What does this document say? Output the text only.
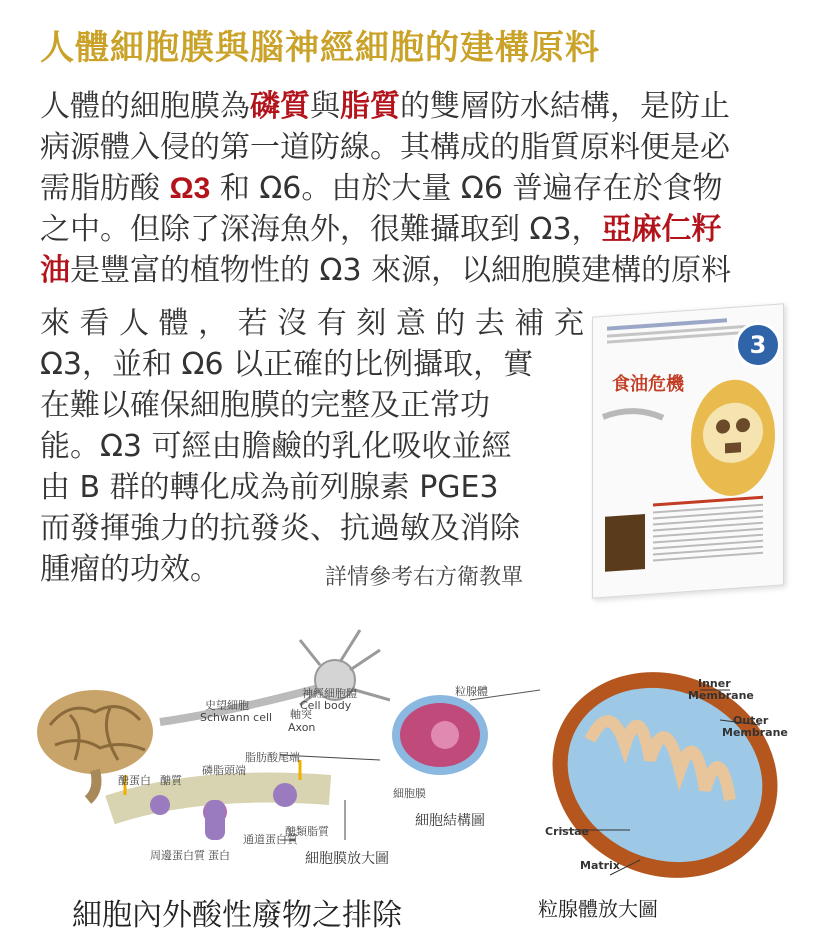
人體細胞膜與腦神經細胞的建構原料
人體的細胞膜為磷質與脂質的雙層防水結構，是防止
病源體入侵的第一道防線。其構成的脂質原料便是必
需脂肪酸 Ω3 和 Ω6。由於大量 Ω6 普遍存在於食物
之中。但除了深海魚外，很難攝取到 Ω3，亞麻仁籽
油是豐富的植物性的 Ω3 來源，以細胞膜建構的原料
來 看 人 體 ， 若 沒 有 刻 意 的 去 補 充
Ω3，並和 Ω6 以正確的比例攝取，實
在難以確保細胞膜的完整及正常功
能。Ω3 可經由膽鹼的乳化吸收並經
由 B 群的轉化成為前列腺素 PGE3
而發揮強力的抗發炎、抗過敏及消除
腫瘤的功效。	詳情參考右方衛教單
3
食油危機
史望細胞
Schwann cell 軸突
Axon
神經細胞體
Cell body
脂肪酸尾端
磷脂頭端
醣蛋白 醣質
通道蛋白質
醣類脂質
周邊蛋白質 蛋白	細胞膜放大圖
粒腺體
細胞膜
細胞結構圖
Inner
Membrane
Outer
Membrane
Cristae
Matrix
粒腺體放大圖
細胞內外酸性廢物之排除
